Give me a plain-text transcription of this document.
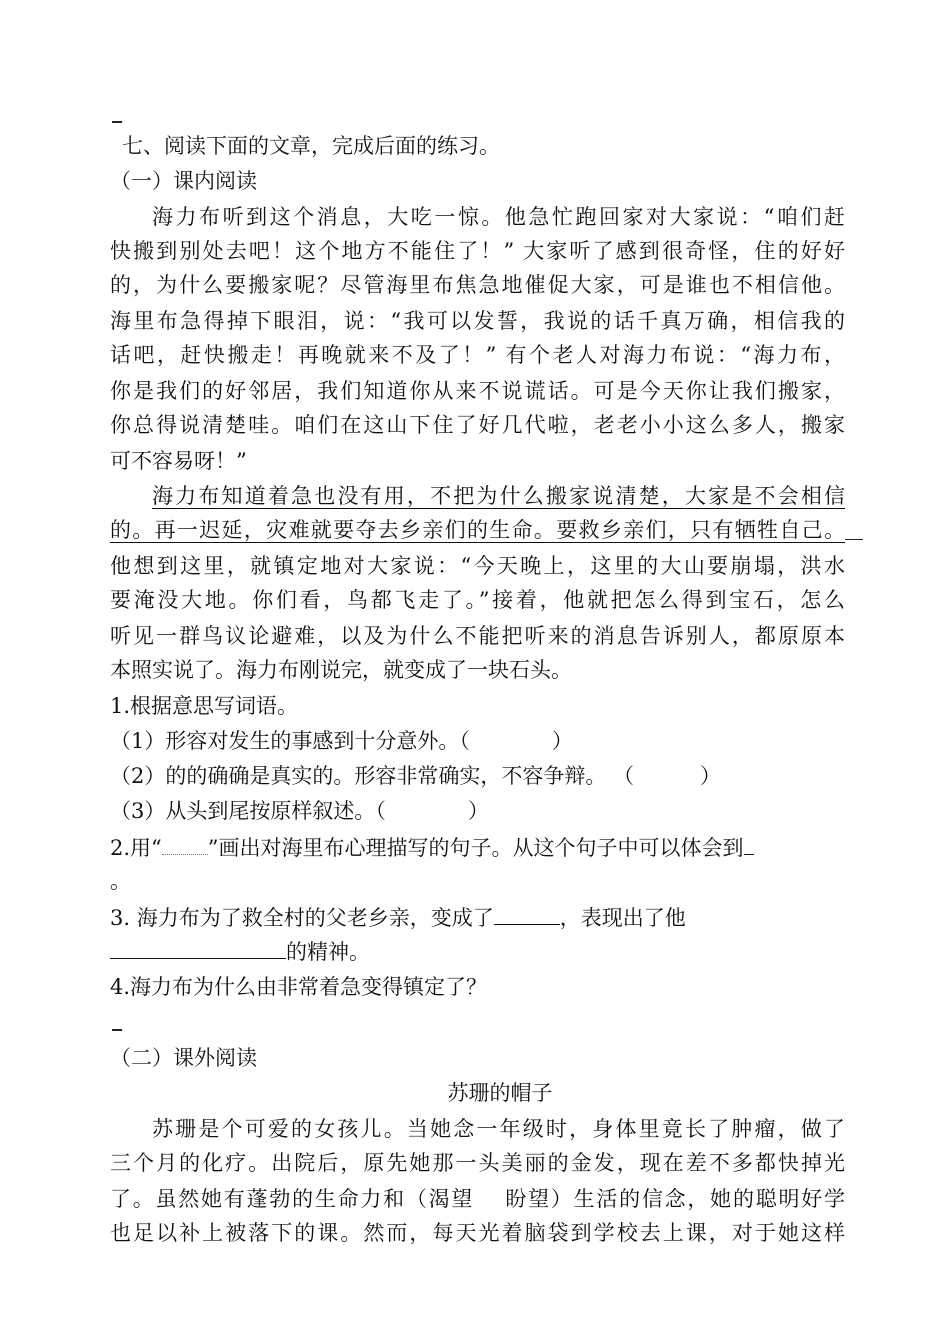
七、阅读下面的文章，完成后面的练习。
（一）课内阅读
海力布听到这个消息，大吃一惊。他急忙跑回家对大家说：“咱们赶
快搬到别处去吧！这个地方不能住了！” 大家听了感到很奇怪，住的好好
的，为什么要搬家呢？尽管海里布焦急地催促大家，可是谁也不相信他。
海里布急得掉下眼泪，说：“我可以发誓，我说的话千真万确，相信我的
话吧，赶快搬走！再晚就来不及了！” 有个老人对海力布说：“海力布，
你是我们的好邻居，我们知道你从来不说谎话。可是今天你让我们搬家，
你总得说清楚哇。咱们在这山下住了好几代啦，老老小小这么多人，搬家
可不容易呀！”
海力布知道着急也没有用，不把为什么搬家说清楚，大家是不会相信
的。再一迟延，灾难就要夺去乡亲们的生命。要救乡亲们，只有牺牲自己。
他想到这里，就镇定地对大家说：“今天晚上，这里的大山要崩塌，洪水
要淹没大地。你们看，鸟都飞走了。”接着，他就把怎么得到宝石，怎么
听见一群鸟议论避难，以及为什么不能把听来的消息告诉别人，都原原本
本照实说了。海力布刚说完，就变成了一块石头。
1.根据意思写词语。
（1）形容对发生的事感到十分意外。（	）
（2）的的确确是真实的。形容非常确实，不容争辩。 （	）
（3）从头到尾按原样叙述。（	）
2.用“ ”画出对海里布心理描写的句子。从这个句子中可以体会到
。
3. 海力布为了救全村的父老乡亲，变成了	，表现出了他
的精神。
4.海力布为什么由非常着急变得镇定了？
（二）课外阅读
苏珊的帽子
苏珊是个可爱的女孩儿。当她念一年级时，身体里竟长了肿瘤，做了
三个月的化疗。出院后，原先她那一头美丽的金发，现在差不多都快掉光
了。虽然她有蓬勃的生命力和（渴望　 盼望）生活的信念，她的聪明好学
也足以补上被落下的课。然而，每天光着脑袋到学校去上课，对于她这样
